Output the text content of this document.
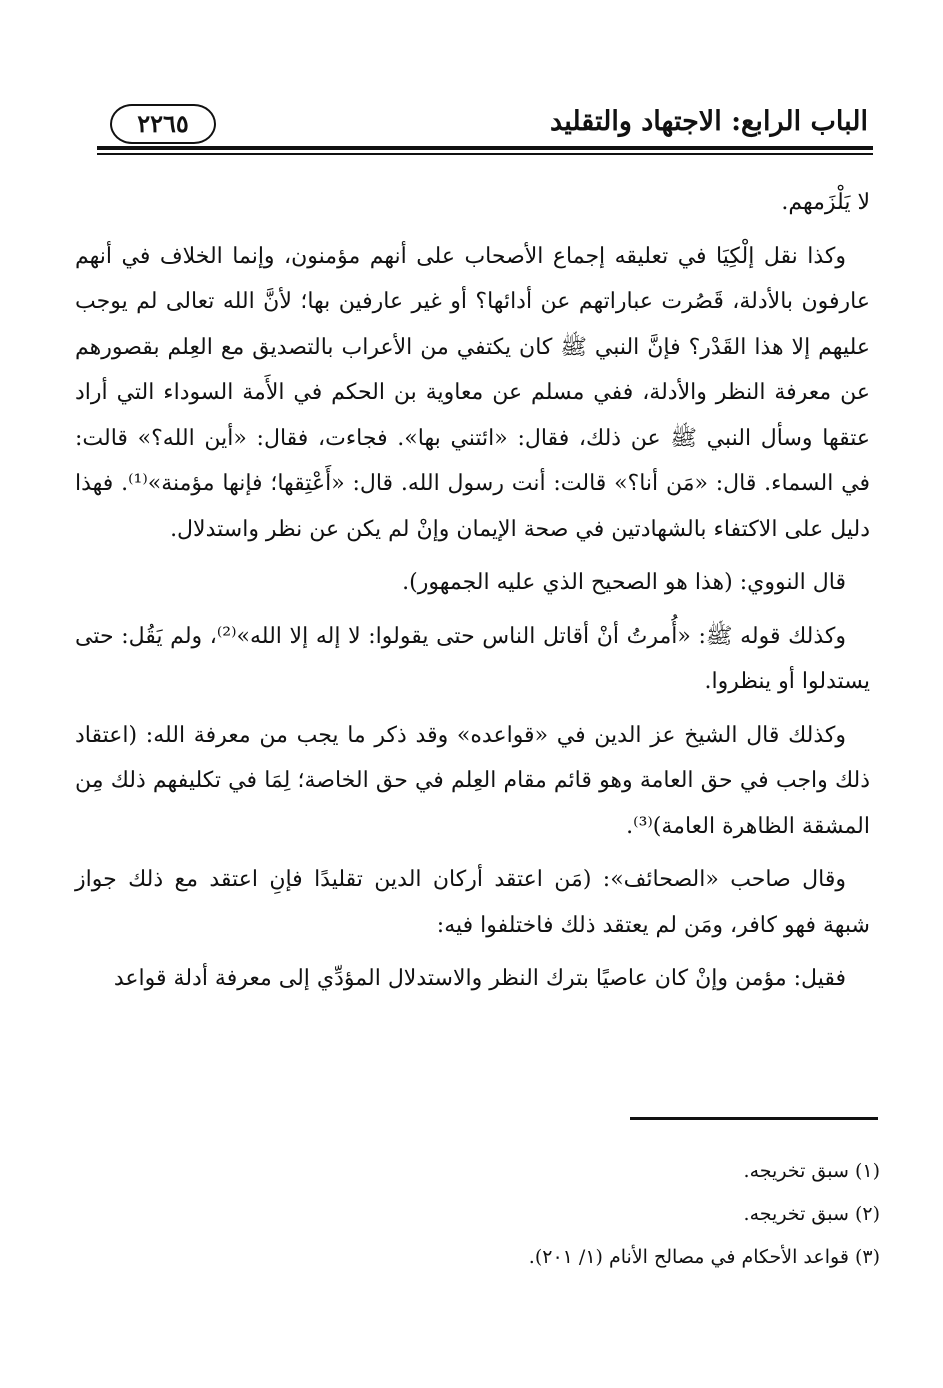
الباب الرابع: الاجتهاد والتقليد
٢٢٦٥

لا يَلْزَمهم.

وكذا نقل إلْكِيَا في تعليقه إجماع الأصحاب على أنهم مؤمنون، وإنما الخلاف في أنهم عارفون بالأدلة، قَصُرت عباراتهم عن أدائها؟ أو غير عارفين بها؛ لأنَّ الله تعالى لم يوجب عليهم إلا هذا القَدْر؟ فإنَّ النبي ﷺ كان يكتفي من الأعراب بالتصديق مع العِلم بقصورهم عن معرفة النظر والأدلة، ففي مسلم عن معاوية بن الحكم في الأَمة السوداء التي أراد عتقها وسأل النبي ﷺ عن ذلك، فقال: «ائتني بها». فجاءت، فقال: «أين الله؟» قالت: في السماء. قال: «مَن أنا؟» قالت: أنت رسول الله. قال: «أَعْتِقها؛ فإنها مؤمنة»⁽¹⁾. فهذا دليل على الاكتفاء بالشهادتين في صحة الإيمان وإنْ لم يكن عن نظر واستدلال.

قال النووي: (هذا هو الصحيح الذي عليه الجمهور).

وكذلك قوله ﷺ: «أُمرتُ أنْ أقاتل الناس حتى يقولوا: لا إله إلا الله»⁽²⁾، ولم يَقُل: حتى يستدلوا أو ينظروا.

وكذلك قال الشيخ عز الدين في «قواعده» وقد ذكر ما يجب من معرفة الله: (اعتقاد ذلك واجب في حق العامة وهو قائم مقام العِلم في حق الخاصة؛ لِمَا في تكليفهم ذلك مِن المشقة الظاهرة العامة)⁽³⁾.

وقال صاحب «الصحائف»: (مَن اعتقد أركان الدين تقليدًا فإنِ اعتقد مع ذلك جواز شبهة فهو كافر، ومَن لم يعتقد ذلك فاختلفوا فيه:

فقيل: مؤمن وإنْ كان عاصيًا بترك النظر والاستدلال المؤدِّي إلى معرفة أدلة قواعد

(١) سبق تخريجه.
(٢) سبق تخريجه.
(٣) قواعد الأحكام في مصالح الأنام (١/ ٢٠١).
